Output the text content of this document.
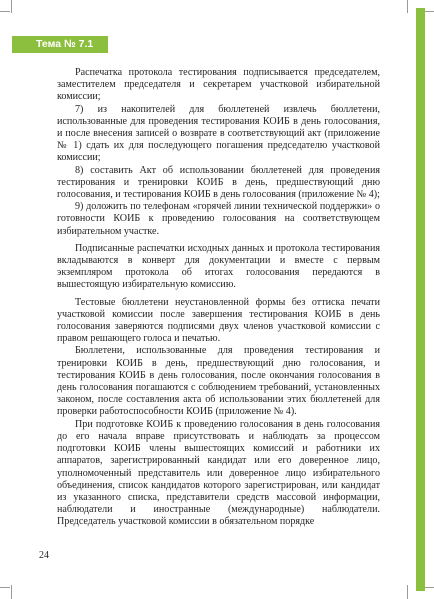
Тема № 7.1

Распечатка протокола тестирования подписывается председателем, заместителем председателя и секретарем участковой избирательной комиссии;

7) из накопителей для бюллетеней извлечь бюллетени, использованные для проведения тестирования КОИБ в день голосования, и после внесения записей о возврате в соответствующий акт (приложение № 1) сдать их для последующего погашения председателю участковой комиссии;

8) составить Акт об использовании бюллетеней для проведения тестирования и тренировки КОИБ в день, предшествующий дню голосования, и тестирования КОИБ в день голосования (приложение № 4);

9) доложить по телефонам «горячей линии технической поддержки» о готовности КОИБ к проведению голосования на соответствующем избирательном участке.

Подписанные распечатки исходных данных и протокола тестирования вкладываются в конверт для документации и вместе с первым экземпляром протокола об итогах голосования передаются в вышестоящую избирательную комиссию.

Тестовые бюллетени неустановленной формы без оттиска печати участковой комиссии после завершения тестирования КОИБ в день голосования заверяются подписями двух членов участковой комиссии с правом решающего голоса и печатью.

Бюллетени, использованные для проведения тестирования и тренировки КОИБ в день, предшествующий дню голосования, и тестирования КОИБ в день голосования, после окончания голосования в день голосования погашаются с соблюдением требований, установленных законом, после составления акта об использовании этих бюллетеней для проверки работоспособности КОИБ (приложение № 4).

При подготовке КОИБ к проведению голосования в день голосования до его начала вправе присутствовать и наблюдать за процессом подготовки КОИБ члены вышестоящих комиссий и работники их аппаратов, зарегистрированный кандидат или его доверенное лицо, уполномоченный представитель или доверенное лицо избирательного объединения, список кандидатов которого зарегистрирован, или кандидат из указанного списка, представители средств массовой информации, наблюдатели и иностранные (международные) наблюдатели. Председатель участковой комиссии в обязательном порядке

24
